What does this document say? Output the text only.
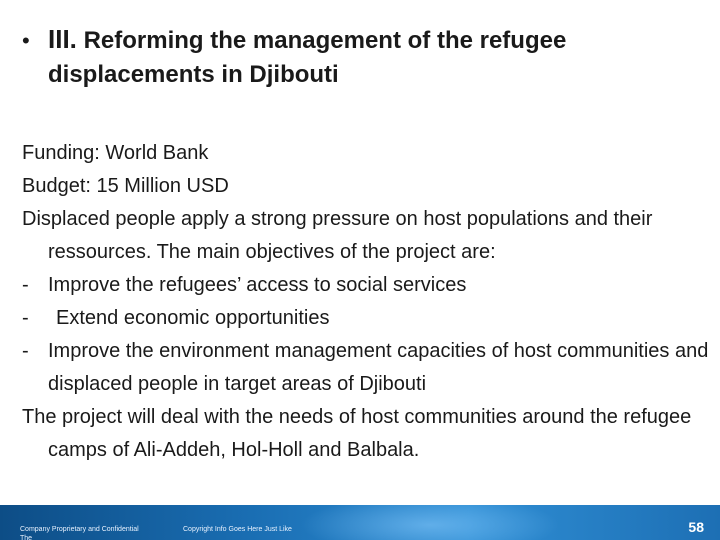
• III. Reforming the management of the refugee
displacements in Djibouti

Funding: World Bank

Budget: 15 Million USD

Displaced people apply a strong pressure on host populations and their ressources. The main objectives of the project are:

- Improve the refugees’ access to social services
- Extend economic opportunities
- Improve the environment management capacities of host communities and displaced people in target areas of Djibouti

The project will deal with the needs of host communities around the refugee camps of Ali-Addeh, Hol-Holl and Balbala.

Company Proprietary and Confidential
The
Copyright Info Goes Here Just Like	58
